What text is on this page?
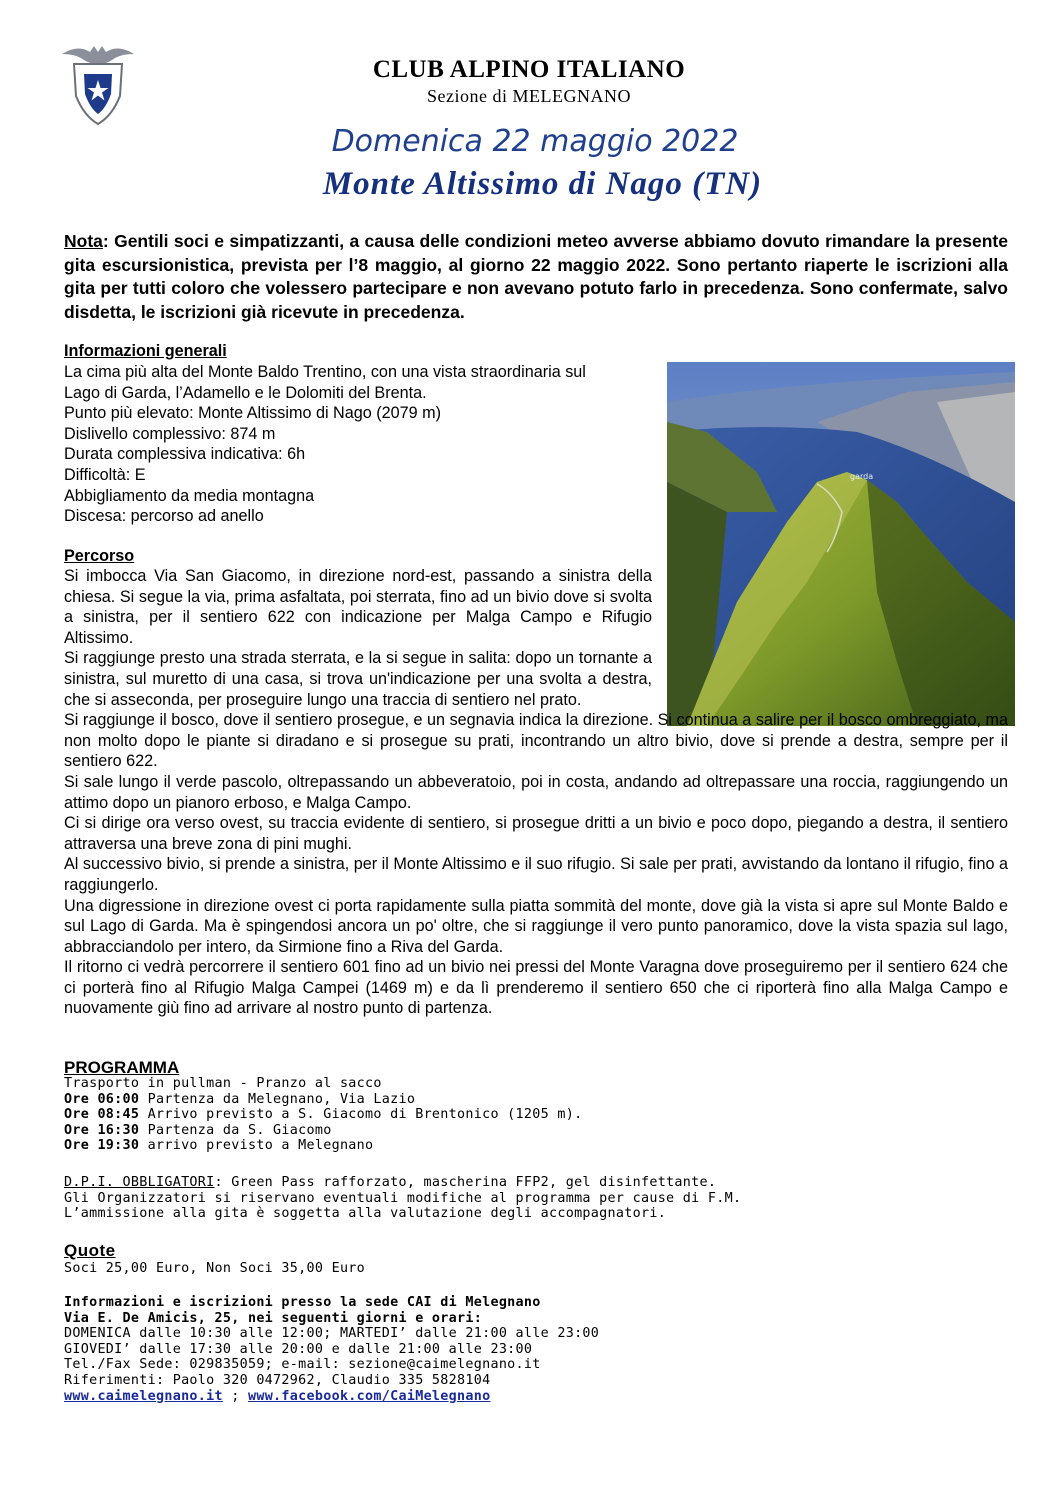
CLUB ALPINO ITALIANO
Sezione di MELEGNANO
Domenica 22 maggio 2022
Monte Altissimo di Nago (TN)
Nota: Gentili soci e simpatizzanti, a causa delle condizioni meteo avverse abbiamo dovuto rimandare la presente gita escursionistica, prevista per l’8 maggio, al giorno 22 maggio 2022. Sono pertanto riaperte le iscrizioni alla gita per tutti coloro che volessero partecipare e non avevano potuto farlo in precedenza. Sono confermate, salvo disdetta, le iscrizioni già ricevute in precedenza.
Informazioni generali
La cima più alta del Monte Baldo Trentino, con una vista straordinaria sul
Lago di Garda, l’Adamello e le Dolomiti del Brenta.
Punto più elevato: Monte Altissimo di Nago (2079 m)
Dislivello complessivo: 874 m
Durata complessiva indicativa: 6h
Difficoltà: E
Abbigliamento da media montagna
Discesa: percorso ad anello
garda
Percorso

Si imbocca Via San Giacomo, in direzione nord-est, passando a sinistra della chiesa. Si segue la via, prima asfaltata, poi sterrata, fino ad un bivio dove si svolta a sinistra, per il sentiero 622 con indicazione per Malga Campo e Rifugio Altissimo.

Si raggiunge presto una strada sterrata, e la si segue in salita: dopo un tornante a sinistra, sul muretto di una casa, si trova un'indicazione per una svolta a destra, che si asseconda, per proseguire lungo una traccia di sentiero nel prato.

Si raggiunge il bosco, dove il sentiero prosegue, e un segnavia indica la direzione. Si continua a salire per il bosco ombreggiato, ma non molto dopo le piante si diradano e si prosegue su prati, incontrando un altro bivio, dove si prende a destra, sempre per il sentiero 622.

Si sale lungo il verde pascolo, oltrepassando un abbeveratoio, poi in costa, andando ad oltrepassare una roccia, raggiungendo un attimo dopo un pianoro erboso, e Malga Campo.

Ci si dirige ora verso ovest, su traccia evidente di sentiero, si prosegue dritti a un bivio e poco dopo, piegando a destra, il sentiero attraversa una breve zona di pini mughi.

Al successivo bivio, si prende a sinistra, per il Monte Altissimo e il suo rifugio. Si sale per prati, avvistando da lontano il rifugio, fino a raggiungerlo.

Una digressione in direzione ovest ci porta rapidamente sulla piatta sommità del monte, dove già la vista si apre sul Monte Baldo e sul Lago di Garda. Ma è spingendosi ancora un po' oltre, che si raggiunge il vero punto panoramico, dove la vista spazia sul lago, abbracciandolo per intero, da Sirmione fino a Riva del Garda.

Il ritorno ci vedrà percorrere il sentiero 601 fino ad un bivio nei pressi del Monte Varagna dove proseguiremo per il sentiero 624 che ci porterà fino al Rifugio Malga Campei (1469 m) e da lì prenderemo il sentiero 650 che ci riporterà fino alla Malga Campo e nuovamente giù fino ad arrivare al nostro punto di partenza.

PROGRAMMA
Trasporto in pullman - Pranzo al sacco
Ore 06:00 Partenza da Melegnano, Via Lazio
Ore 08:45 Arrivo previsto a S. Giacomo di Brentonico (1205 m).
Ore 16:30 Partenza da S. Giacomo
Ore 19:30 arrivo previsto a Melegnano
D.P.I. OBBLIGATORI: Green Pass rafforzato, mascherina FFP2, gel disinfettante.
Gli Organizzatori si riservano eventuali modifiche al programma per cause di F.M.
L’ammissione alla gita è soggetta alla valutazione degli accompagnatori.
Quote
Soci 25,00 Euro, Non Soci 35,00 Euro
Informazioni e iscrizioni presso la sede CAI di Melegnano
Via E. De Amicis, 25, nei seguenti giorni e orari:
DOMENICA dalle 10:30 alle 12:00; MARTEDI’ dalle 21:00 alle 23:00
GIOVEDI’ dalle 17:30 alle 20:00 e dalle 21:00 alle 23:00
Tel./Fax Sede: 029835059; e-mail: sezione@caimelegnano.it
Riferimenti: Paolo 320 0472962, Claudio 335 5828104
www.caimelegnano.it ; www.facebook.com/CaiMelegnano
